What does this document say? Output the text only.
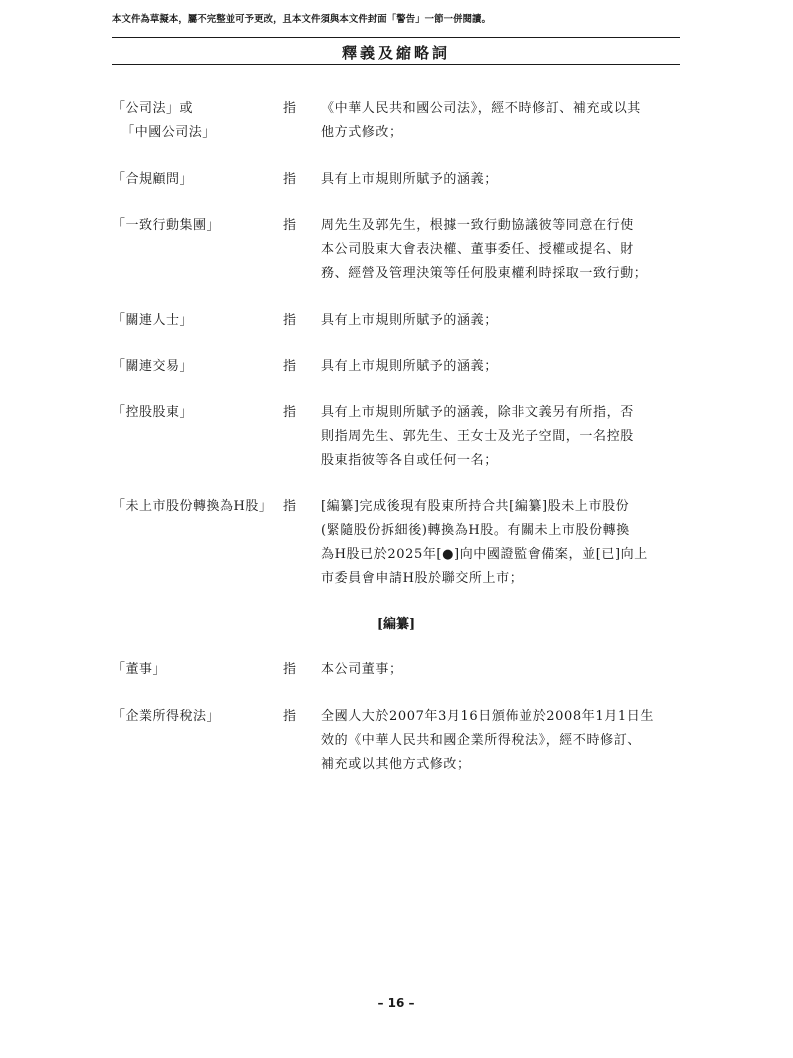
本文件為草擬本，屬不完整並可予更改，且本文件須與本文件封面「警告」一節一併閱讀。
釋義及縮略詞
「公司法」或
「中國公司法」
指	《中華人民共和國公司法》，經不時修訂、補充或以其
他方式修改；
「合規顧問」	指	具有上市規則所賦予的涵義；
「一致行動集團」	指	周先生及郭先生，根據一致行動協議彼等同意在行使
本公司股東大會表決權、董事委任、授權或提名、財
務、經營及管理決策等任何股東權利時採取一致行動；
「關連人士」	指	具有上市規則所賦予的涵義；
「關連交易」	指	具有上市規則所賦予的涵義；
「控股股東」	指	具有上市規則所賦予的涵義，除非文義另有所指，否
則指周先生、郭先生、王女士及光子空間，一名控股
股東指彼等各自或任何一名；
「未上市股份轉換為H股」 指	[編纂]完成後現有股東所持合共[編纂]股未上市股份
(緊隨股份拆細後)轉換為H股。有關未上市股份轉換
為H股已於2025年[●]向中國證監會備案，並[已]向上
市委員會申請H股於聯交所上市；
[編纂]
「董事」	指	本公司董事；
「企業所得稅法」	指	全國人大於2007年3月16日頒佈並於2008年1月1日生
效的《中華人民共和國企業所得稅法》，經不時修訂、
補充或以其他方式修改；
– 16 –
